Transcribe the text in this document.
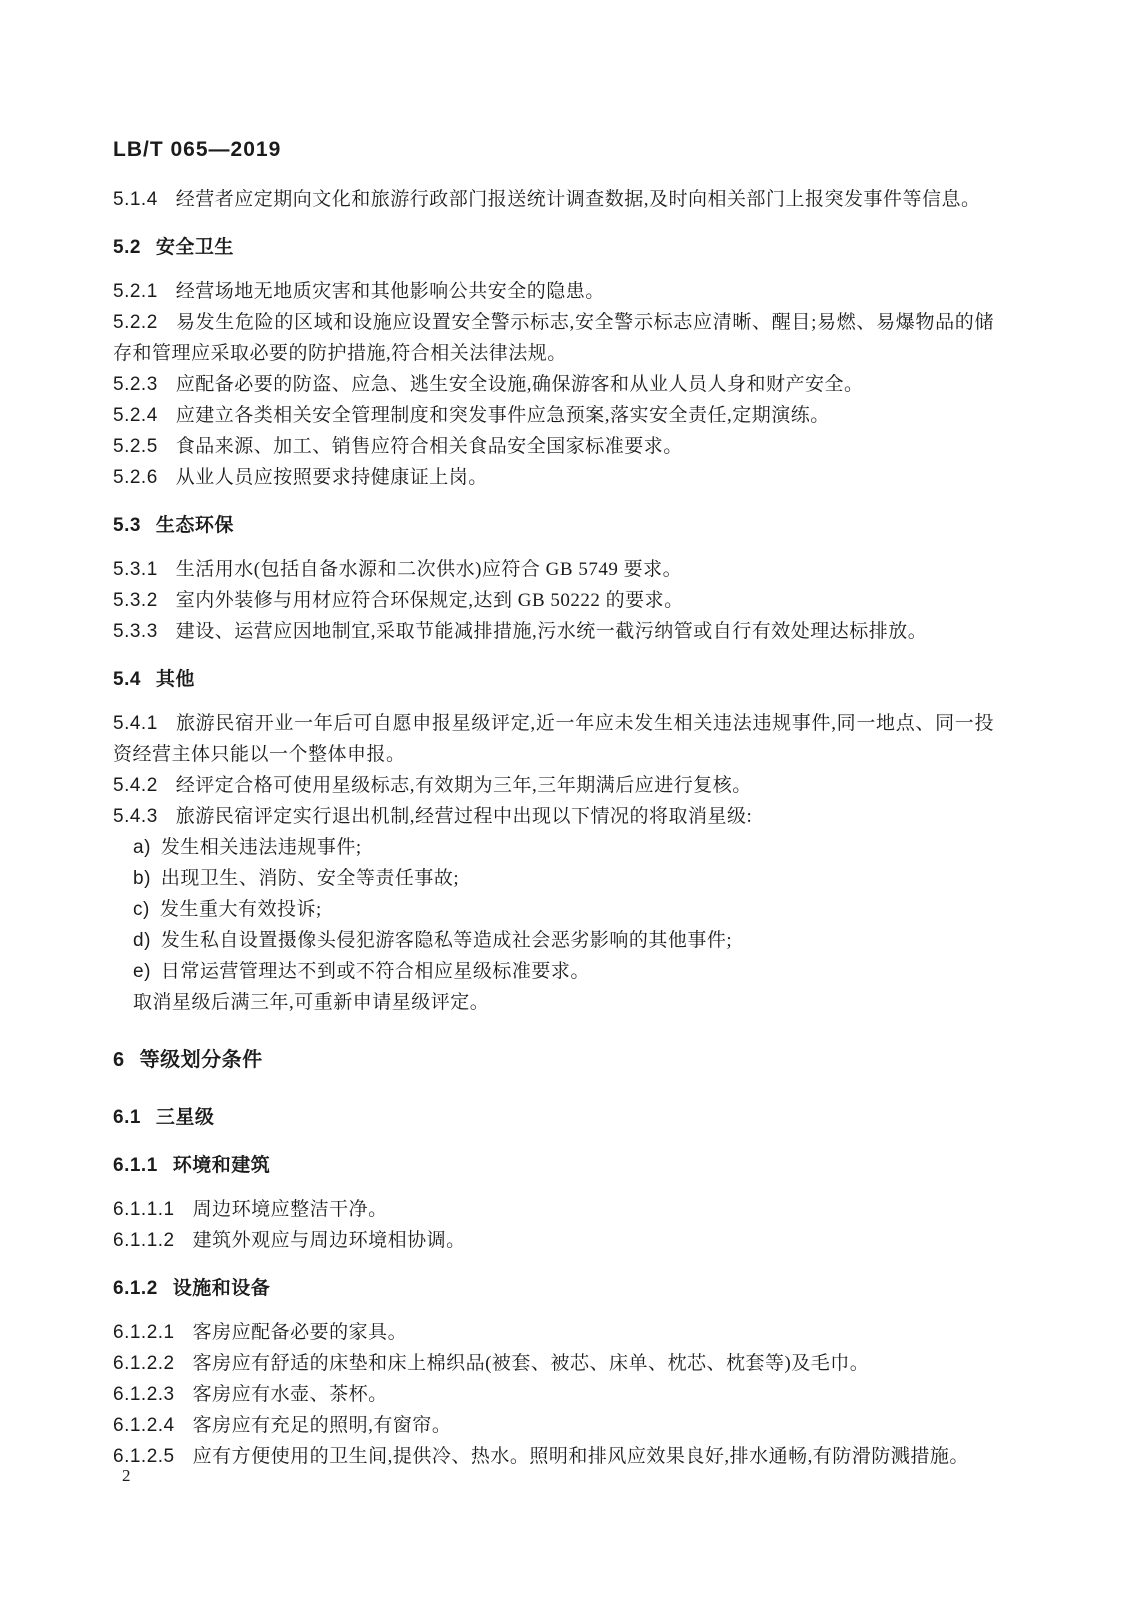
LB/T 065—2019
5.1.4 经营者应定期向文化和旅游行政部门报送统计调查数据,及时向相关部门上报突发事件等信息。
5.2 安全卫生
5.2.1 经营场地无地质灾害和其他影响公共安全的隐患。
5.2.2 易发生危险的区域和设施应设置安全警示标志,安全警示标志应清晰、醒目;易燃、易爆物品的储存和管理应采取必要的防护措施,符合相关法律法规。
5.2.3 应配备必要的防盗、应急、逃生安全设施,确保游客和从业人员人身和财产安全。
5.2.4 应建立各类相关安全管理制度和突发事件应急预案,落实安全责任,定期演练。
5.2.5 食品来源、加工、销售应符合相关食品安全国家标准要求。
5.2.6 从业人员应按照要求持健康证上岗。
5.3 生态环保
5.3.1 生活用水(包括自备水源和二次供水)应符合 GB 5749 要求。
5.3.2 室内外装修与用材应符合环保规定,达到 GB 50222 的要求。
5.3.3 建设、运营应因地制宜,采取节能减排措施,污水统一截污纳管或自行有效处理达标排放。
5.4 其他
5.4.1 旅游民宿开业一年后可自愿申报星级评定,近一年应未发生相关违法违规事件,同一地点、同一投资经营主体只能以一个整体申报。
5.4.2 经评定合格可使用星级标志,有效期为三年,三年期满后应进行复核。
5.4.3 旅游民宿评定实行退出机制,经营过程中出现以下情况的将取消星级:
a) 发生相关违法违规事件;
b) 出现卫生、消防、安全等责任事故;
c) 发生重大有效投诉;
d) 发生私自设置摄像头侵犯游客隐私等造成社会恶劣影响的其他事件;
e) 日常运营管理达不到或不符合相应星级标准要求。
取消星级后满三年,可重新申请星级评定。
6 等级划分条件
6.1 三星级
6.1.1 环境和建筑
6.1.1.1 周边环境应整洁干净。
6.1.1.2 建筑外观应与周边环境相协调。
6.1.2 设施和设备
6.1.2.1 客房应配备必要的家具。
6.1.2.2 客房应有舒适的床垫和床上棉织品(被套、被芯、床单、枕芯、枕套等)及毛巾。
6.1.2.3 客房应有水壶、茶杯。
6.1.2.4 客房应有充足的照明,有窗帘。
6.1.2.5 应有方便使用的卫生间,提供冷、热水。照明和排风应效果良好,排水通畅,有防滑防溅措施。
2
